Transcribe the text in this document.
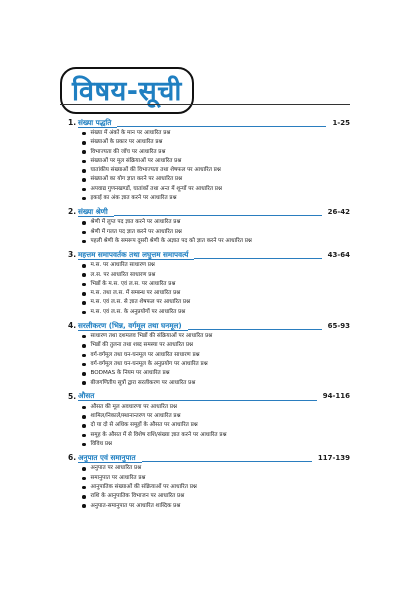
विषय-सूची
1. संख्या पद्धति	1-25
संख्या में अंकों के मान पर आधारित प्रश्न
संख्याओं के प्रकार पर आधारित प्रश्न
विभाज्यता की जाँच पर आधारित प्रश्न
संख्याओं पर मूल संक्रियाओं पर आधारित प्रश्न
घातांकीय संख्याओं की विभाज्यता तथा शेषफल पर आधारित प्रश्न
संख्याओं का योग ज्ञात करने पर आधारित प्रश्न
अपवाद्य गुणनखण्डों, घातांकों तथा अन्त में शून्यों पर आधारित प्रश्न
इकाई का अंक ज्ञात करने पर आधारित प्रश्न
2. संख्या श्रेणी	26-42
श्रेणी में लुप्त पद ज्ञात करने पर आधारित प्रश्न
श्रेणी में गलत पद ज्ञात करने पर आधारित प्रश्न
पहली श्रेणी के समरूप दूसरी श्रेणी के अज्ञात पद को ज्ञात करने पर आधारित प्रश्न
3. महत्तम समापवर्तक तथा लघुत्तम समापवर्त्य	43-64
म.स. पर आधारित साधारण प्रश्न
ल.स. पर आधारित साधारण प्रश्न
भिन्नों के म.स. एवं ल.स. पर आधारित प्रश्न
म.स. तथा ल.स. में सम्बन्ध पर आधारित प्रश्न
म.स. एवं ल.स. से ज्ञात शेषफल पर आधारित प्रश्न
म.स. एवं ल.स. के अनुप्रयोगों पर आधारित प्रश्न
4. सरलीकरण (भिन्न, वर्गमूल तथा घनमूल)	65-93
साधारण तथा दशमलव भिन्नों की संक्रियाओं पर आधारित प्रश्न
भिन्नों की तुलना तथा शब्द समस्या पर आधारित प्रश्न
वर्ग-वर्गमूल तथा घन-घनमूल पर आधारित साधारण प्रश्न
वर्ग-वर्गमूल तथा घन-घनमूल के अनुप्रयोग पर आधारित प्रश्न
BODMAS के नियम पर आधारित प्रश्न
बीजगणितीय सूत्रों द्वारा सरलीकरण पर आधारित प्रश्न
5. औसत	94-116
औसत की मूल अवधारणा पर आधारित प्रश्न
शामिल/निकाले/स्थानान्तरण पर आधारित प्रश्न
दो या दो से अधिक समूहों के औसत पर आधारित प्रश्न
समूह के औसत में से विशेष राशि/संख्या ज्ञात करने पर आधारित प्रश्न
विविध प्रश्न
6. अनुपात एवं समानुपात	117-139
अनुपात पर आधारित प्रश्न
समानुपात पर आधारित प्रश्न
आनुपातिक संख्याओं की संक्रियाओं पर आधारित प्रश्न
राशि के आनुपातिक विभाजन पर आधारित प्रश्न
अनुपात-समानुपात पर आधारित शाब्दिक प्रश्न
